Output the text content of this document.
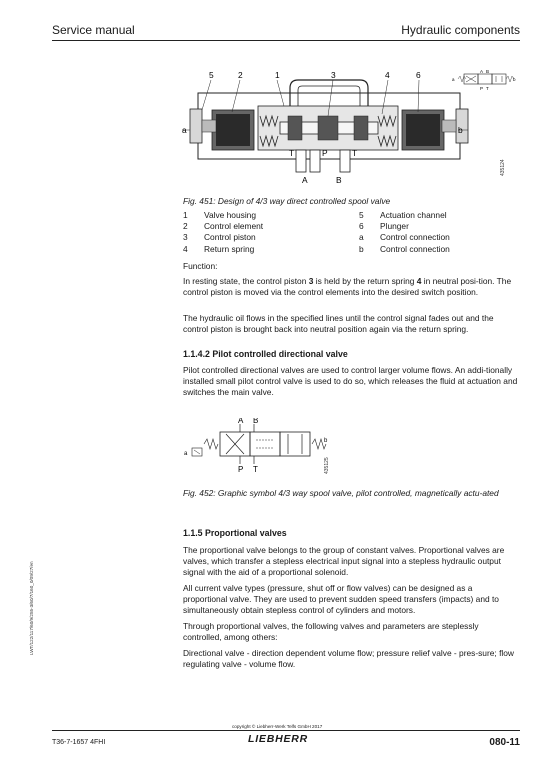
Service manual	Hydraulic components
5	2	1	3	4	6
a	b
T	P	T
A	B
A B
P T
a	b
435124
Fig. 451: Design of 4/3 way direct controlled spool valve
1 Valve housing	5 Actuation channel
2 Control element	6 Plunger
3 Control piston	a Control connection
4 Return spring	b Control connection

Function:

In resting state, the control piston 3 is held by the return spring 4 in neutral posi-tion. The control piston is moved via the control elements into the desired switch position.

The hydraulic oil flows in the specified lines until the control signal fades out and the control piston is brought back into neutral position again via the return spring.

1.1.4.2 Pilot controlled directional valve

Pilot controlled directional valves are used to control larger volume flows. An addi-tionally installed small pilot control valve is used to do so, which releases the fluid at actuation and switches the main valve.

A B
P T
a
b
435125
Fig. 452: Graphic symbol 4/3 way spool valve, pilot controlled, magnetically actu-ated
1.1.5 Proportional valves

The proportional valve belongs to the group of constant valves. Proportional valves are valves, which transfer a stepless electrical input signal into a stepless hydraulic output signal with the aid of a proportional solenoid.

All current valve types (pressure, shut off or flow valves) can be designed as a proportional valve. They are used to prevent sudden speed transfers (impacts) and to simultaneously obtain stepless control of cylinders and motors.

Through proportional valves, the following valves and parameters are steplessly controlled, among others:

Directional valve - direction dependent volume flow; pressure relief valve - pres-sure; flow regulating valve - volume flow.

LWT/122/117/60/9/255-3/60/7/160_0/09/27/en
copyright © Liebherr-Werk Telfs GmbH 2017
T36-7-1657 4FHI	LIEBHERR	080-11
